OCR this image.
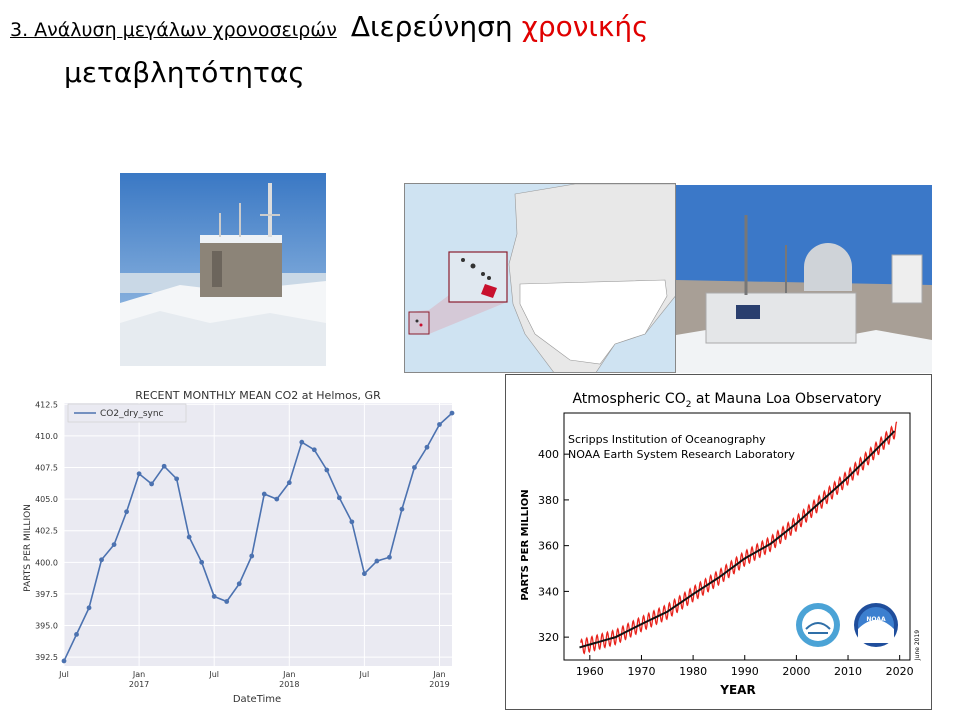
3. Ανάλυση μεγάλων χρονοσειρών Διερεύνηση χρονικής
μεταβλητότητας
RECENT MONTHLY MEAN CO2 at Helmos, GR
392.5
395.0
397.5
400.0
402.5
405.0
407.5
410.0
412.5
Jul	Jan
2017
Jul	Jan
2018
Jul	Jan
2019
PARTS PER MILLION
DateTime
CO2_dry_sync
Atmospheric $CO_2$ at Mauna Loa Observatory
1960 1970 1980 1990 2000 2010 2020
320
340
360
380
400
Scripps Institution of Oceanography
NOAA Earth System Research Laboratory
PARTS PER MILLION
YEAR
June 2019
NOAA
